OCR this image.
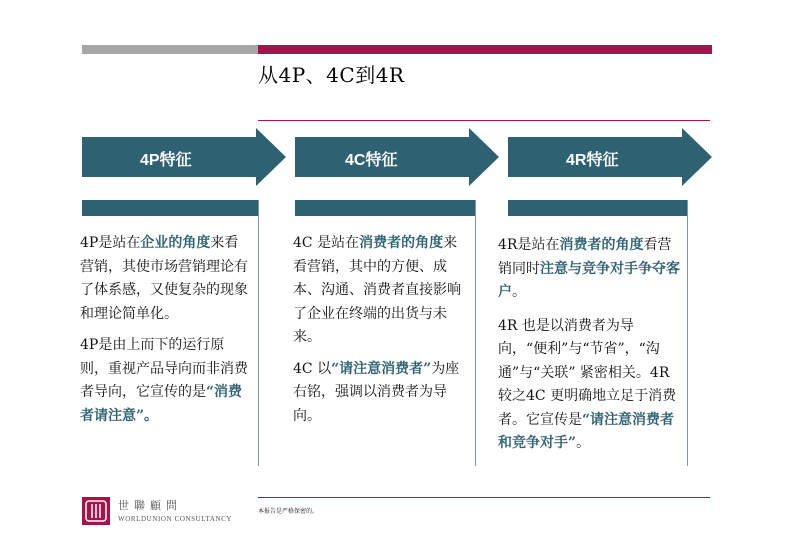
从4P、4C到4R
4P特征	4C特征	4R特征

4P是站在企业的角度来看营销，其使市场营销理论有了体系感，又使复杂的现象和理论简单化。

4P是由上而下的运行原则，重视产品导向而非消费者导向，它宣传的是“消费者请注意”。

4C 是站在消费者的角度来看营销，其中的方便、成本、沟通、消费者直接影响了企业在终端的出货与未来。

4C 以“请注意消费者”为座右铭，强调以消费者为导向。

4R是站在消费者的角度看营销同时注意与竞争对手争夺客户。

4R 也是以消费者为导向，“便利”与“节省”，“沟通”与“关联” 紧密相关。4R较之4C 更明确地立足于消费者。它宣传是“请注意消费者和竞争对手”。

世聯顧問
WORLDUNION CONSULTANCY
本报告是严格保密的。
